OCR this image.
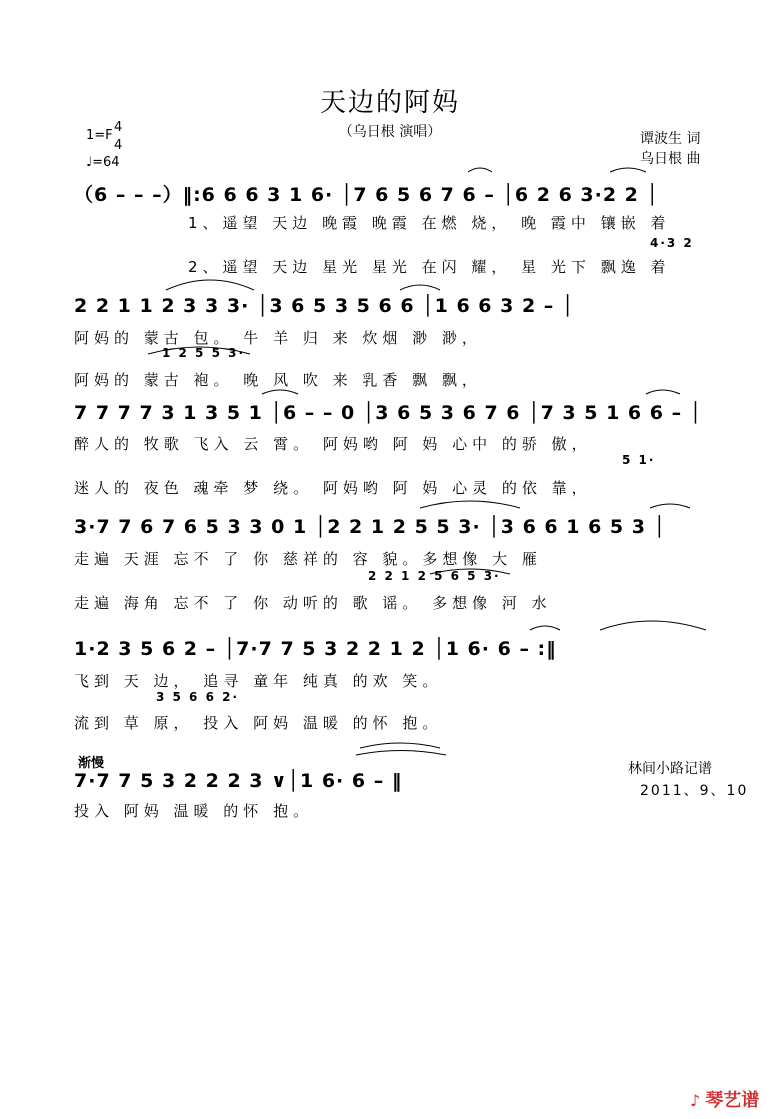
天边的阿妈
（乌日根 演唱）
1=F
4
4
♩=64
谭波生 词
乌日根 曲
（6 – – –）‖:6 6 6 3 1 6· │7 6 5 6 7 6 – │6 2 6 3·2 2 │
1、遥望 天边 晚霞 晚霞 在燃 烧， 晚 霞中 镶嵌 着
4·3 2
2、遥望 天边 星光 星光 在闪 耀， 星 光下 飘逸 着
2 2 1 1 2 3 3 3· │3 6 5 3 5 6 6 │1 6 6 3 2 – │
阿妈的 蒙古 包。 牛 羊 归 来 炊烟 渺 渺，
1 2 5 5 3·
阿妈的 蒙古 袍。 晚 风 吹 来 乳香 飘 飘，
7 7 7 7 3 1 3 5 1 │6 – – 0 │3 6 5 3 6 7 6 │7 3 5 1 6 6 – │
醉人的 牧歌 飞入 云 霄。 阿妈哟 阿 妈 心中 的骄 傲，
5 1·
迷人的 夜色 魂牵 梦 绕。 阿妈哟 阿 妈 心灵 的依 靠，
3·7 7 6 7 6 5 3 3 0 1 │2 2 1 2 5 5 3· │3 6 6 1 6 5 3 │
走遍 天涯 忘不 了 你 慈祥的 容 貌。多想像 大 雁
2 2 1 2 5 6 5 3·
走遍 海角 忘不 了 你 动听的 歌 谣。 多想像 河 水
1·2 3 5 6 2 – │7·7 7 5 3 2 2 1 2 │1 6· 6 – :‖
飞到 天 边， 追寻 童年 纯真 的欢 笑。
3 5 6 6 2·
流到 草 原， 投入 阿妈 温暖 的怀 抱。
渐慢
7·7 7 5 3 2 2 2 3 ∨│1 6· 6 – ‖
投入 阿妈 温暖 的怀 抱。
林间小路记谱
2011、9、10
♪ 琴艺谱
